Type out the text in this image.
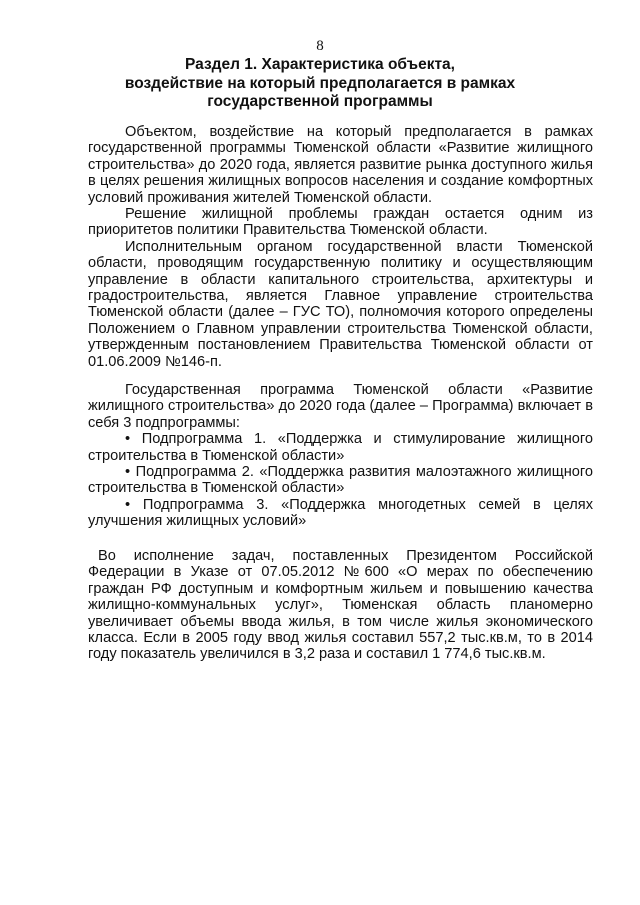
8

Раздел 1. Характеристика объекта,
воздействие на который предполагается в рамках
государственной программы

Объектом, воздействие на который предполагается в рамках государственной программы Тюменской области «Развитие жилищного строительства» до 2020 года, является развитие рынка доступного жилья в целях решения жилищных вопросов населения и создание комфортных условий проживания жителей Тюменской области.

Решение жилищной проблемы граждан остается одним из приоритетов политики Правительства Тюменской области.

Исполнительным органом государственной власти Тюменской области, проводящим государственную политику и осуществляющим управление в области капитального строительства, архитектуры и градостроительства, является Главное управление строительства Тюменской области (далее – ГУС ТО), полномочия которого определены Положением о Главном управлении строительства Тюменской области, утвержденным постановлением Правительства Тюменской области от 01.06.2009 №146-п.

Государственная программа Тюменской области «Развитие жилищного строительства» до 2020 года (далее – Программа) включает в себя 3 подпрограммы:

• Подпрограмма 1. «Поддержка и стимулирование жилищного строительства в Тюменской области»
• Подпрограмма 2. «Поддержка развития малоэтажного жилищного строительства в Тюменской области»
• Подпрограмма 3. «Поддержка многодетных семей в целях улучшения жилищных условий»

Во исполнение задач, поставленных Президентом Российской Федерации в Указе от 07.05.2012 №600 «О мерах по обеспечению граждан РФ доступным и комфортным жильем и повышению качества жилищно-коммунальных услуг», Тюменская область планомерно увеличивает объемы ввода жилья, в том числе жилья экономического класса. Если в 2005 году ввод жилья составил 557,2 тыс.кв.м, то в 2014 году показатель увеличился в 3,2 раза и составил 1 774,6 тыс.кв.м.
